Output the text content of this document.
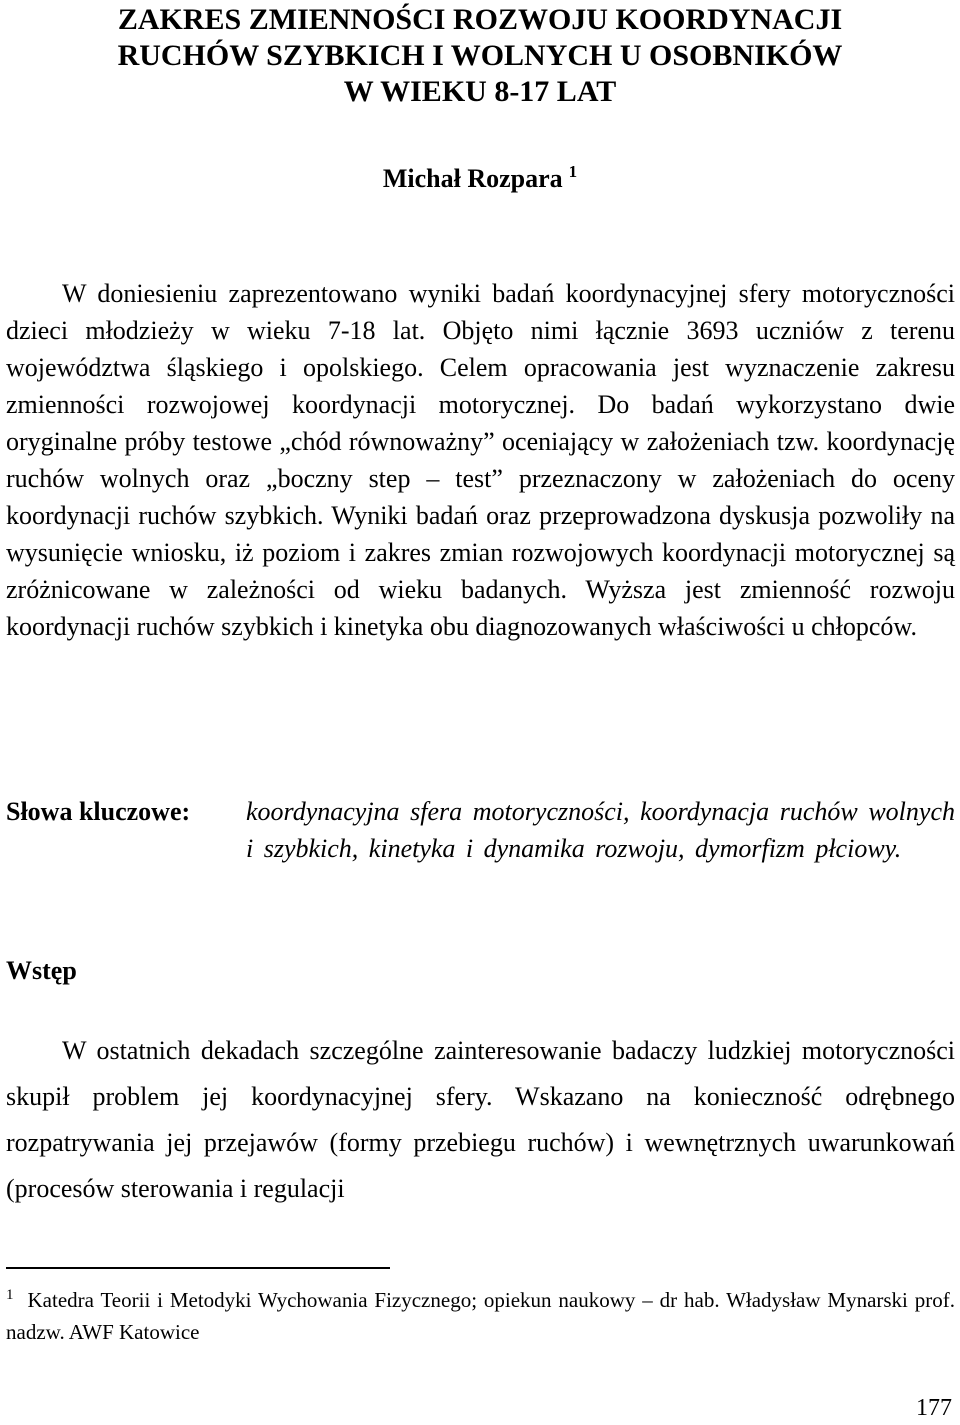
ZAKRES ZMIENNOŚCI ROZWOJU KOORDYNACJI
RUCHÓW SZYBKICH I WOLNYCH U OSOBNIKÓW
W WIEKU 8-17 LAT
Michał Rozpara $^1$

W doniesieniu zaprezentowano wyniki badań koordynacyjnej sfery motoryczności dzieci młodzieży w wieku 7-18 lat. Objęto nimi łącznie 3693 uczniów z terenu województwa śląskiego i opolskiego. Celem opracowania jest wyznaczenie zakresu zmienności rozwojowej koordynacji motorycznej. Do badań wykorzystano dwie oryginalne próby testowe „chód równoważny” oceniający w założeniach tzw. koordynację ruchów wolnych oraz „boczny step – test” przeznaczony w założeniach do oceny koordynacji ruchów szybkich. Wyniki badań oraz przeprowadzona dyskusja pozwoliły na wysunięcie wniosku, iż poziom i zakres zmian rozwojowych koordynacji motorycznej są zróżnicowane w zależności od wieku badanych. Wyższa jest zmienność rozwoju koordynacji ruchów szybkich i kinetyka obu diagnozowanych właściwości u chłopców.

Słowa kluczowe: koordynacyjna sfera motoryczności, koordynacja ruchów wolnych i szybkich, kinetyka i dynamika rozwoju, dymorfizm płciowy.
Wstęp

W ostatnich dekadach szczególne zainteresowanie badaczy ludzkiej motoryczności skupił problem jej koordynacyjnej sfery. Wskazano na konieczność odrębnego rozpatrywania jej przejawów (formy przebiegu ruchów) i wewnętrznych uwarunkowań (procesów sterowania i regulacji

$^1$ Katedra Teorii i Metodyki Wychowania Fizycznego; opiekun naukowy – dr hab. Władysław Mynarski prof. nadzw. AWF Katowice
177
